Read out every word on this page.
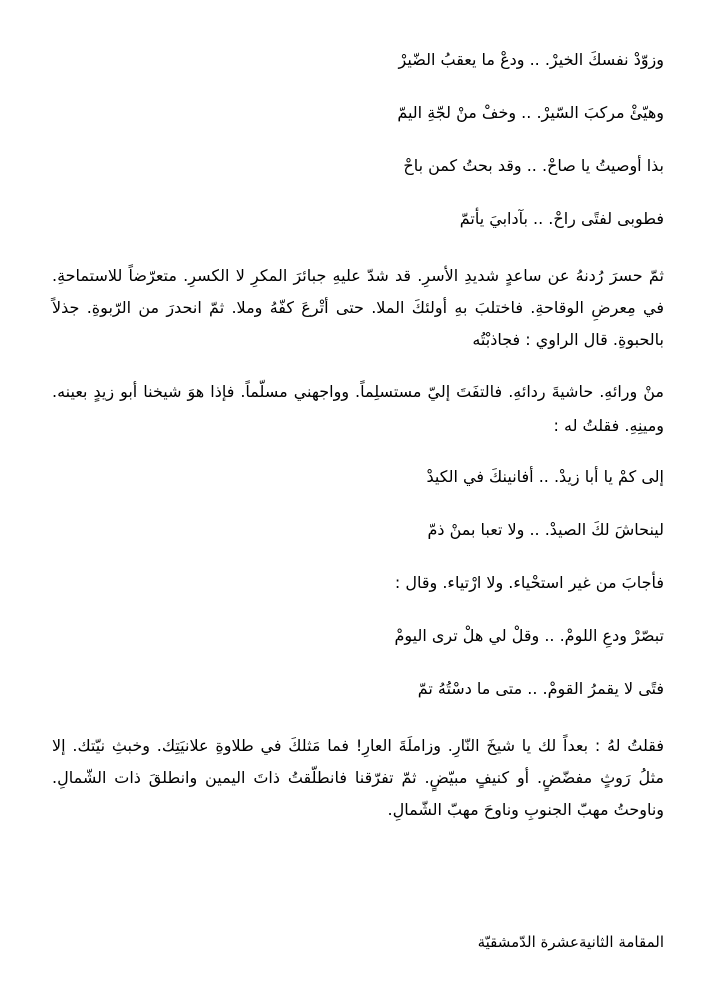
وزوّدْ نفسكَ الخيرْ. .. ودعْ ما يعقبُ الضّيرْ

وهيّئْ مركبَ السّيرْ. .. وخفْ منْ لجّةِ اليمّ

بذا أوصيتُ يا صاحْ. .. وقد بحتُ كمن باحْ

فطوبى لفتًى راحْ. .. بآدابيَ يأتمّ

ثمّ حسرَ رُدنهُ عن ساعدٍ شديدِ الأسرِ. قد شدّ عليهِ جبائرَ المكرِ لا الكسرِ. متعرّضاً للاستماحةِ. في مِعرضِ الوقاحةِ. فاختلبَ بهِ أولئكَ الملا. حتى أتْرعَ كفّهُ وملا. ثمّ انحدرَ من الرّبوةِ. جذلاً بالحبوةِ. قال الراوي : فجاذبْتُه

منْ ورائهِ. حاشيةَ ردائهِ. فالتفَتَ إليّ مستسلِماً. وواجهني مسلّماً. فإذا هوَ شيخنا أبو زيدٍ بعينه. ومينِهِ. فقلتُ له :

إلى كمْ يا أبا زيدْ. .. أفانينكَ في الكيدْ

لينحاشَ لكَ الصيدْ. .. ولا تعبا بمنْ ذمّ

فأجابَ من غير استحْياء. ولا ارْتياء. وقال :

تبصّرْ ودعِ اللومْ. .. وقلْ لي هلْ ترى اليومْ

فتًى لا يقمرُ القومْ. .. متى ما دسْتُهُ تمّ

فقلتُ لهُ : بعداً لك يا شيخَ النّارِ. وزاملَةَ العارِ! فما مَثلكَ في طلاوةِ علانيَتِك. وخبثِ نيّتك. إلا مثلُ رَوثٍ مفضّضٍ. أو كنيفٍ مبيّضٍ. ثمّ تفرّقنا فانطلّقتُ ذاتَ اليمين وانطلقَ ذات الشّمالِ. وناوحتُ مهبّ الجنوبِ وناوحَ مهبّ الشّمالِ.

المقامة الثانيةعشرة الدّمشقيّة
